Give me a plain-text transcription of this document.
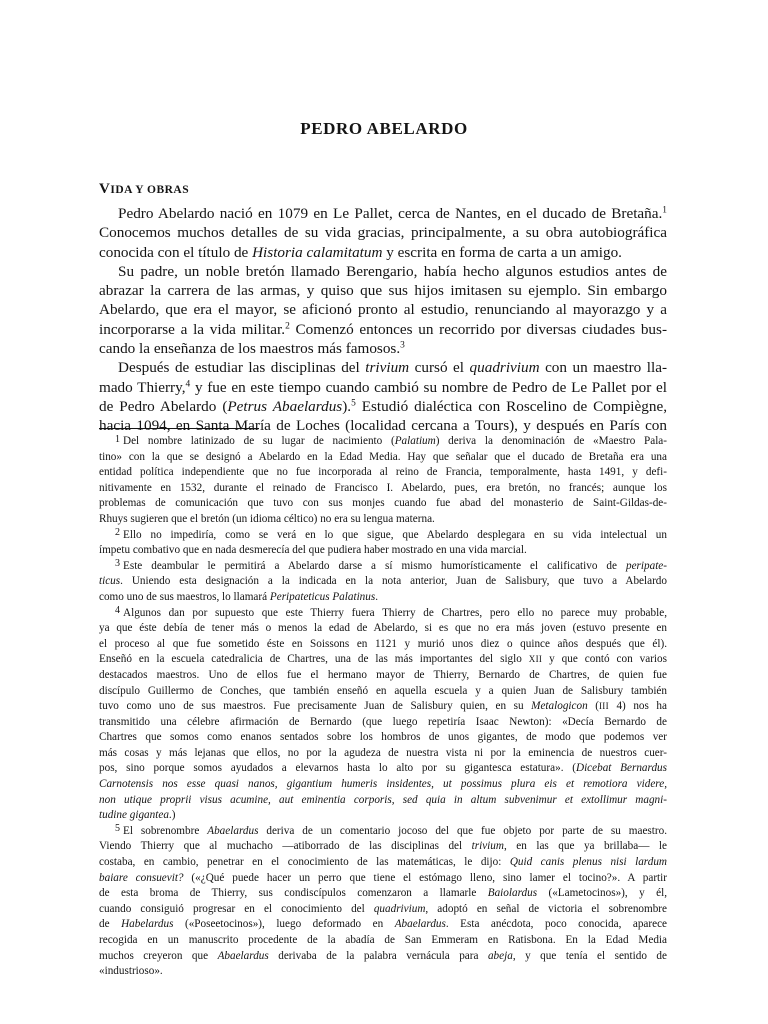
PEDRO ABELARDO
VIDA Y OBRAS

Pedro Abelardo nació en 1079 en Le Pallet, cerca de Nantes, en el ducado de Bretaña.$^1$
Conocemos muchos detalles de su vida gracias, principalmente, a su obra autobiográfica
conocida con el título de Historia calamitatum y escrita en forma de carta a un amigo.

Su padre, un noble bretón llamado Berengario, había hecho algunos estudios antes de
abrazar la carrera de las armas, y quiso que sus hijos imitasen su ejemplo. Sin embargo
Abelardo, que era el mayor, se aficionó pronto al estudio, renunciando al mayorazgo y a
incorporarse a la vida militar.$^2$ Comenzó entonces un recorrido por diversas ciudades bus-
cando la enseñanza de los maestros más famosos.$^3$

Después de estudiar las disciplinas del trivium cursó el quadrivium con un maestro lla-
mado Thierry,$^4$ y fue en este tiempo cuando cambió su nombre de Pedro de Le Pallet por el
de Pedro Abelardo (Petrus Abaelardus).$^5$ Estudió dialéctica con Roscelino de Compiègne,
hacia 1094, en Santa María de Loches (localidad cercana a Tours), y después en París con

1 Del nombre latinizado de su lugar de nacimiento (Palatium) deriva la denominación de «Maestro Pala-
tino» con la que se designó a Abelardo en la Edad Media. Hay que señalar que el ducado de Bretaña era una
entidad política independiente que no fue incorporada al reino de Francia, temporalmente, hasta 1491, y defi-
nitivamente en 1532, durante el reinado de Francisco I. Abelardo, pues, era bretón, no francés; aunque los
problemas de comunicación que tuvo con sus monjes cuando fue abad del monasterio de Saint-Gildas-de-
Rhuys sugieren que el bretón (un idioma céltico) no era su lengua materna.

2 Ello no impediría, como se verá en lo que sigue, que Abelardo desplegara en su vida intelectual un
ímpetu combativo que en nada desmerecía del que pudiera haber mostrado en una vida marcial.

3 Este deambular le permitirá a Abelardo darse a sí mismo humorísticamente el calificativo de peripate-
ticus. Uniendo esta designación a la indicada en la nota anterior, Juan de Salisbury, que tuvo a Abelardo
como uno de sus maestros, lo llamará Peripateticus Palatinus.

4 Algunos dan por supuesto que este Thierry fuera Thierry de Chartres, pero ello no parece muy probable,
ya que éste debía de tener más o menos la edad de Abelardo, si es que no era más joven (estuvo presente en
el proceso al que fue sometido éste en Soissons en 1121 y murió unos diez o quince años después que él).
Enseñó en la escuela catedralicia de Chartres, una de las más importantes del siglo XII y que contó con varios
destacados maestros. Uno de ellos fue el hermano mayor de Thierry, Bernardo de Chartres, de quien fue
discípulo Guillermo de Conches, que también enseñó en aquella escuela y a quien Juan de Salisbury también
tuvo como uno de sus maestros. Fue precisamente Juan de Salisbury quien, en su Metalogicon (III 4) nos ha
transmitido una célebre afirmación de Bernardo (que luego repetiría Isaac Newton): «Decía Bernardo de
Chartres que somos como enanos sentados sobre los hombros de unos gigantes, de modo que podemos ver
más cosas y más lejanas que ellos, no por la agudeza de nuestra vista ni por la eminencia de nuestros cuer-
pos, sino porque somos ayudados a elevarnos hasta lo alto por su gigantesca estatura». (Dicebat Bernardus
Carnotensis nos esse quasi nanos, gigantium humeris insidentes, ut possimus plura eis et remotiora videre,
non utique proprii visus acumine, aut eminentia corporis, sed quia in altum subvenimur et extollimur magni-
tudine gigantea.)

5 El sobrenombre Abaelardus deriva de un comentario jocoso del que fue objeto por parte de su maestro.
Viendo Thierry que al muchacho —atiborrado de las disciplinas del trivium, en las que ya brillaba— le
costaba, en cambio, penetrar en el conocimiento de las matemáticas, le dijo: Quid canis plenus nisi lardum
baiare consuevit? («¿Qué puede hacer un perro que tiene el estómago lleno, sino lamer el tocino?». A partir
de esta broma de Thierry, sus condiscípulos comenzaron a llamarle Baiolardus («Lametocinos»), y él,
cuando consiguió progresar en el conocimiento del quadrivium, adoptó en señal de victoria el sobrenombre
de Habelardus («Poseetocinos»), luego deformado en Abaelardus. Esta anécdota, poco conocida, aparece
recogida en un manuscrito procedente de la abadía de San Emmeram en Ratisbona. En la Edad Media
muchos creyeron que Abaelardus derivaba de la palabra vernácula para abeja, y que tenía el sentido de
«industrioso».
